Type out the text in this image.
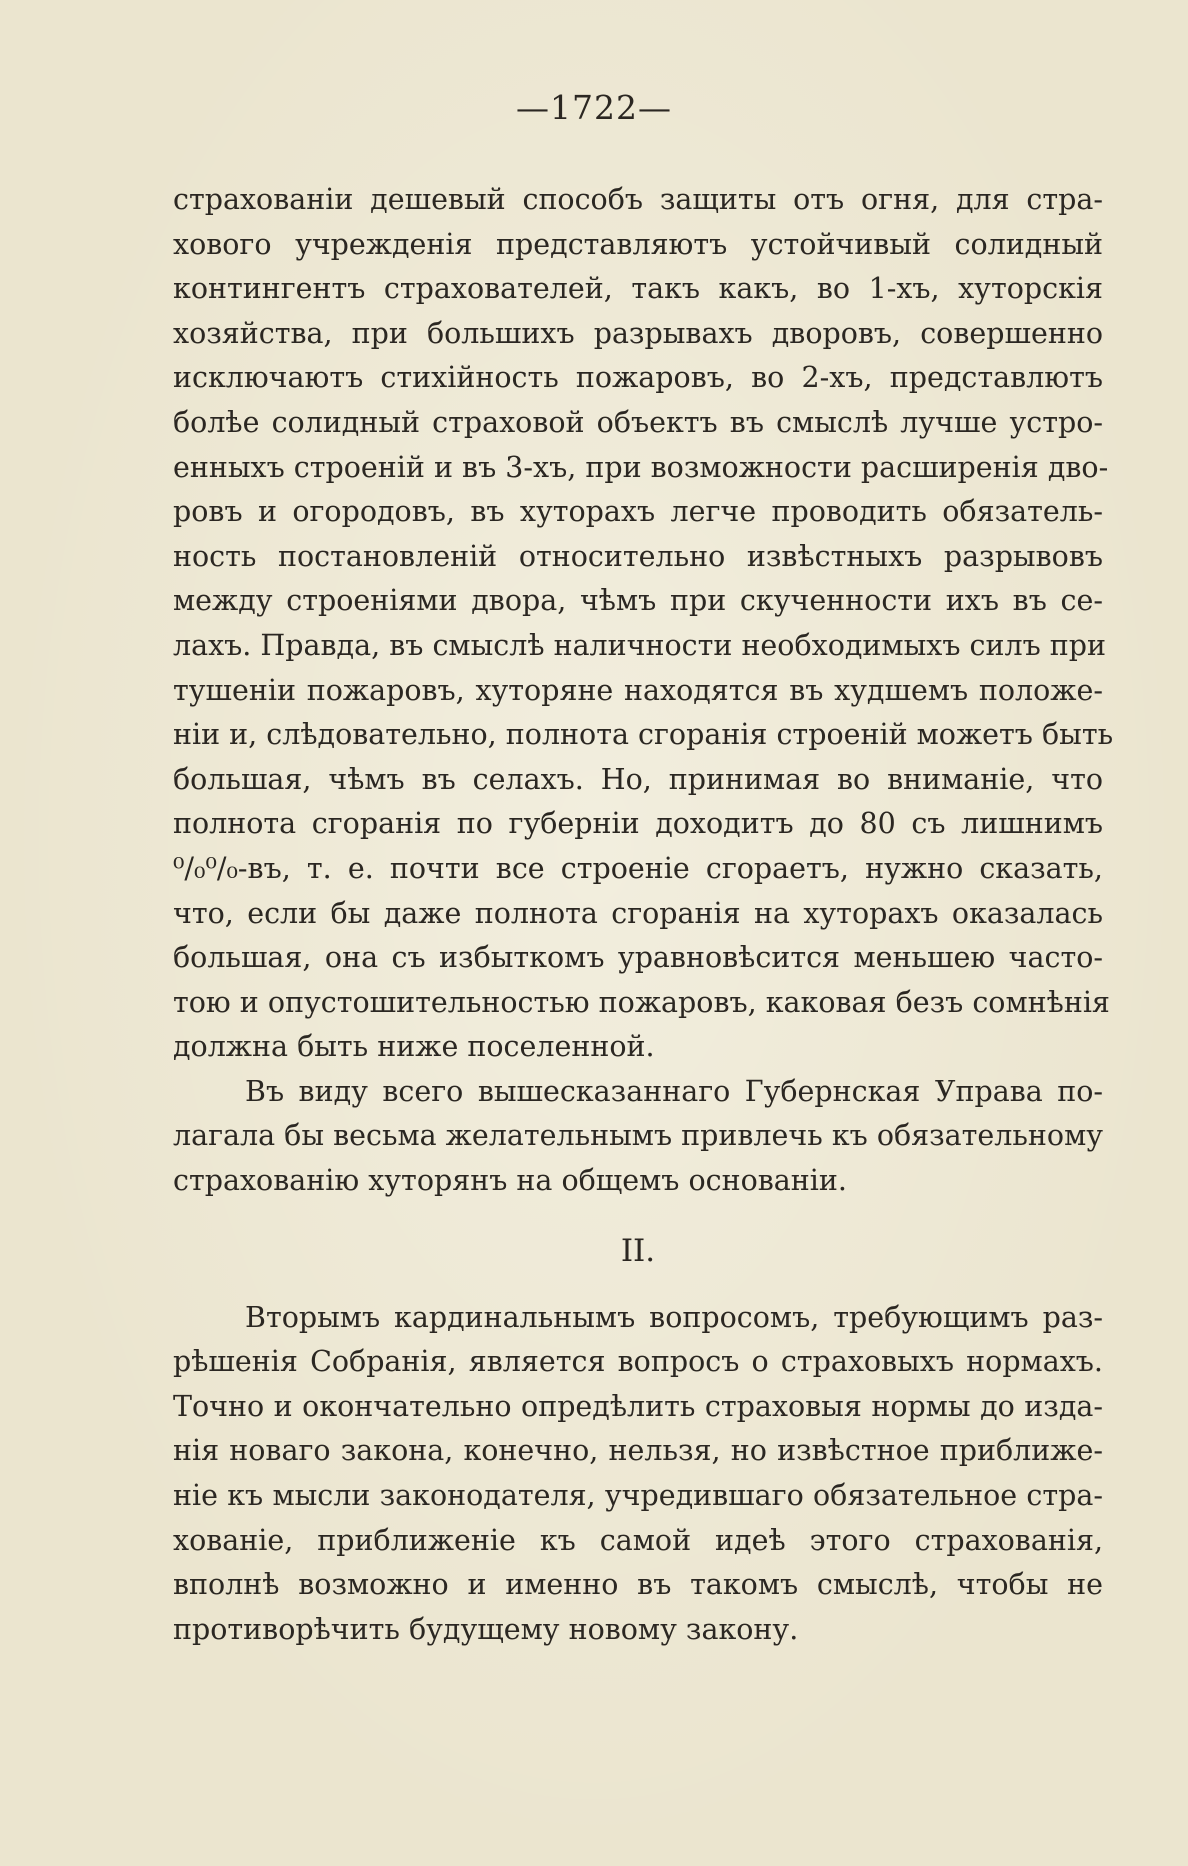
—1722—
страхованіи дешевый способъ защиты отъ огня, для стра-
хового учрежденія представляютъ устойчивый солидный
контингентъ страхователей, такъ какъ, во 1-хъ, хуторскія
хозяйства, при большихъ разрывахъ дворовъ, совершенно
исключаютъ стихійность пожаровъ, во 2-хъ, представлютъ
болѣе солидный страховой объектъ въ смыслѣ лучше устро-
енныхъ строеній и въ 3-хъ, при возможности расширенія дво-
ровъ и огородовъ, въ хуторахъ легче проводить обязатель-
ность постановленій относительно извѣстныхъ разрывовъ
между строеніями двора, чѣмъ при скученности ихъ въ се-
лахъ. Правда, въ смыслѣ наличности необходимыхъ силъ при
тушеніи пожаровъ, хуторяне находятся въ худшемъ положе-
ніи и, слѣдовательно, полнота сгоранія строеній можетъ быть
большая, чѣмъ въ селахъ. Но, принимая во вниманіе, что
полнота сгоранія по губерніи доходитъ до 80 съ лишнимъ
⁰/₀⁰/₀-въ, т. е. почти все строеніе сгораетъ, нужно сказать,
что, если бы даже полнота сгоранія на хуторахъ оказалась
большая, она съ избыткомъ уравновѣсится меньшею часто-
тою и опустошительностью пожаровъ, каковая безъ сомнѣнія
должна быть ниже поселенной.
Въ виду всего вышесказаннаго Губернская Управа по-
лагала бы весьма желательнымъ привлечь къ обязательному
страхованію хуторянъ на общемъ основаніи.
II.
Вторымъ кардинальнымъ вопросомъ, требующимъ раз-
рѣшенія Собранія, является вопросъ о страховыхъ нормахъ.
Точно и окончательно опредѣлить страховыя нормы до изда-
нія новаго закона, конечно, нельзя, но извѣстное приближе-
ніе къ мысли законодателя, учредившаго обязательное стра-
хованіе, приближеніе къ самой идеѣ этого страхованія,
вполнѣ возможно и именно въ такомъ смыслѣ, чтобы не
противорѣчить будущему новому закону.
